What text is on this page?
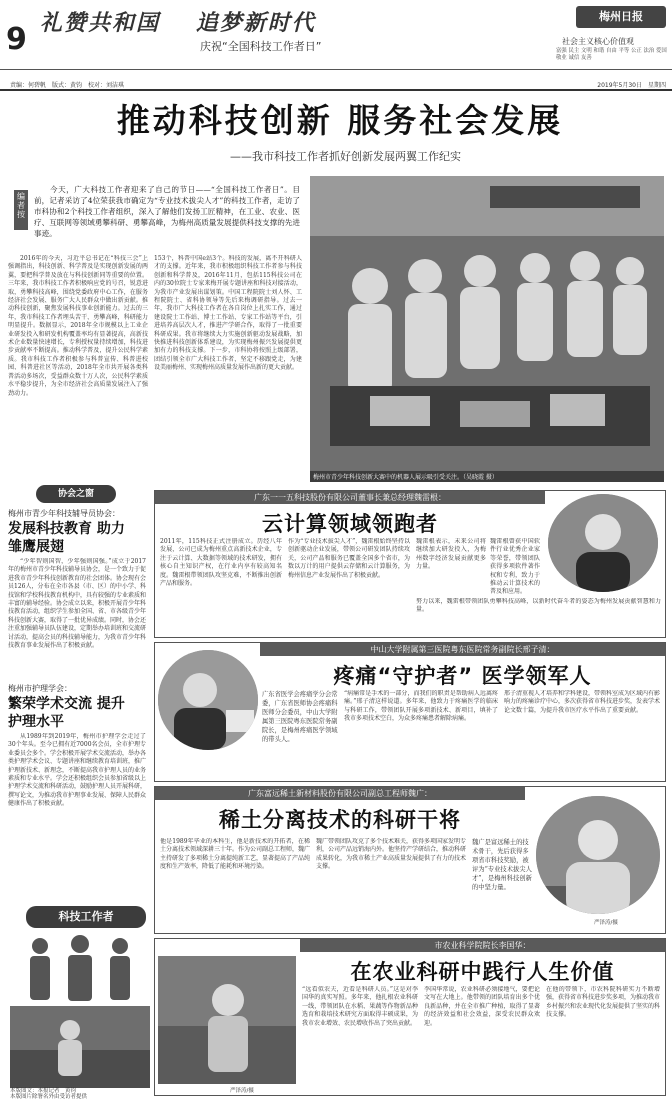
9 礼赞共和国 追梦新时代
庆祝“全国科技工作者日”
梅州日报
社会主义核心价值观
富强 民主 文明 和谐 自由 平等 公正 法治 爱国 敬业 诚信 友善
责编：何碧帆　版式：黄钧　校对：刘洁琪	2019年5月30日　星期四
推动科技创新 服务社会发展
——我市科技工作者抓好创新发展两翼工作纪实
编者按
今天，广大科技工作者迎来了自己的节日——“全国科技工作者日”。目前，记者采访了4位荣获我市确定为“专业技术拔尖人才”的科技工作者，走访了市科协和2个科技工作者组织，深入了解他们发扬工匠精神，在工业、农业、医疗、互联网等领域勇攀科研、勇攀高峰，为梅州高质量发展提供科技支撑的先进事迹。
2016年的今天，习近平总书记在“科技三会”上强调指出，科技创新、科学普及是实现创新发展的两翼，要把科学普及放在与科技创新同等重要的位置。三年来，我市科技工作者积极响应党的号召，锐意进取，勇攀科技高峰，围绕党委政府中心工作，在服务经济社会发展、服务广大人民群众中做出新贡献。推动科技创新，聚焦发展科技事业创新能力。过去的三年，我市科技工作者埋头苦干、勇攀高峰，科研能力明显提升。数据显示，2018年全市规模以上工业企业研发投入和研发机构覆盖率均有显著提高，高新技术企业数量快速增长，专利授权量持续增加，科技进步贡献率不断提高。推动科学普及，提升公民科学素质。我市科技工作者积极参与科普宣传、科普进校园、科普进社区等活动，2018年全市共开展各类科普活动多场次，受益群众数十万人次，公民科学素质水平稳步提升，为全市经济社会高质量发展注入了强劲动力。
153个，科普中国e站3个。科技的发展，离不开科研人才的支撑。近年来，我市积极组织科技工作者参与科技创新和科学普及，2016年11月，包括115科技公司在内的30位院士专家来梅开展专题讲座和科技对接活动，为我市产业发展出谋划策。中国工程院院士刘人怀、工程院院士、省科协领导等先后来梅调研指导。过去一年，我市广大科技工作者在各自岗位上扎实工作，通过建设院士工作站、博士工作站、专家工作站等平台，引进培养高层次人才，推进产学研合作，取得了一批重要科研成果。我市将继续大力实施创新驱动发展战略，加快推进科技创新体系建设，为实现梅州振兴发展提供更加有力的科技支撑。下一步，市科协将按照上级部署，团结引领全市广大科技工作者，坚定不移跟党走，为建设美丽梅州、实现梅州高质量发展作出新的更大贡献。
梅州市青少年科技创新大赛中的机器人展示吸引受关注。（吴晓霞 摄）
协会之窗
梅州市青少年科技辅导员协会：
发展科技教育 助力雏鹰展翅
“少年智则国智，少年强则国强。”成立于2017年的梅州市青少年科技辅导员协会，是一个致力于促进我市青少年科技创新教育的社会团体。协会现有会员126人，分布在全市各县（市、区）的中小学、科技馆和学校科技教育机构中，具有较强的专业素质和丰富的辅导经验。协会成立以来，积极开展青少年科技教育活动，组织学生参加全国、省、市各级青少年科技创新大赛，取得了一批优异成绩。同时，协会还注重加强辅导员队伍建设，定期举办培训班和交流研讨活动，提高会员的科技辅导能力，为我市青少年科技教育事业发展作出了积极贡献。
梅州市护理学会：
繁荣学术交流 提升护理水平
从1989年到2019年，梅州市护理学会走过了30个年头。至今已拥有近7000名会员，全市护理专业委员会多个。学会积极开展学术交流活动，举办各类护理学术会议、专题讲座和继续教育培训班，推广护理新技术、新理念，不断提高我市护理人员的业务素质和专业水平。学会还积极组织会员参加省级以上护理学术交流和科研活动，鼓励护理人员开展科研，撰写论文，为推动我市护理事业发展、保障人民群众健康作出了积极贡献。
广东一一五科技股份有限公司董事长兼总经理魏雷根：
云计算领域领跑者
2011年，115科技正式注册成立。历经八年发展，公司已成为梅州重点高新技术企业，专注于云计算、大数据等领域的技术研发，拥有核心自主知识产权，在行业内享有较高知名度。魏雷根带领团队攻坚克难，不断推出创新产品和服务。
作为“专业技术拔尖人才”，魏雷根始终坚持以创新驱动企业发展，带领公司研发团队持续攻关，公司产品和服务已覆盖全国多个省市，为数以万计的用户提供云存储和云计算服务，为梅州信息产业发展作出了积极贡献。
魏雷根表示，未来公司将继续加大研发投入，为梅州数字经济发展贡献更多力量。
魏雷根曾获中国软件行业优秀企业家等荣誉，带领团队获得多项软件著作权和专利，致力于推动云计算技术的普及和应用。
努力以来，魏雷根带领团队勇攀科技高峰，以新时代奋斗者的姿态为梅州发展贡献智慧和力量。
中山大学附属第三医院粤东医院常务副院长邢子清：
疼痛“守护者” 医学领军人
广东省医学会疼痛学分会常委，广东省医师协会疼痛科医师分会委员，中山大学附属第三医院粤东医院常务副院长，是梅州疼痛医学领域的带头人。
“病痛常是手术的一部分，而我们的职责是帮助病人远离疼痛。”邢子清这样说道。多年来，他致力于疼痛医学的临床与科研工作，带领团队开展多项新技术、新项目，填补了我市多项技术空白，为众多疼痛患者解除病痛。
邢子清重视人才培养和学科建设，带领科室成为区域内有影响力的疼痛诊疗中心，多次获得省市科技进步奖，发表学术论文数十篇，为提升我市医疗水平作出了重要贡献。
广东富远稀土新材料股份有限公司副总工程师魏广：
稀土分离技术的科研干将
他是1989年毕业的本科生，他是新技术的开拓者，在稀土分离技术领域深耕三十年。作为公司副总工程师，魏广主持研发了多项稀土分离提纯新工艺，显著提高了产品纯度和生产效率，降低了能耗和环境污染。
魏广带领团队攻克了多个技术难关，获得多项国家发明专利，公司产品远销海内外。他坚持产学研结合，推动科研成果转化，为我市稀土产业高质量发展提供了有力的技术支撑。
魏广是富远稀土的技术骨干，先后获得多项省市科技奖励，被评为“专业技术拔尖人才”，是梅州科技创新的中坚力量。
严泽涛/摄
科技工作者
市农业科学院院长李国华：
在农业科研中践行人生价值
本版图文：本报记者　黄钧
本版图片除署名外由受访者提供
严泽涛/摄
“远看似农夫，近看是科研人员。”这是对李国华的真实写照。多年来，他扎根农业科研一线，带领团队在水稻、果蔬等作物新品种选育和栽培技术研究方面取得丰硕成果，为我市农业增效、农民增收作出了突出贡献。
李国华常说，农业科研必须接地气，要把论文写在大地上。他带领的团队培育出多个优良新品种，并在全市推广种植，取得了显著的经济效益和社会效益，深受农民群众欢迎。
在他的带领下，市农科院科研实力不断增强，获得省市科技进步奖多项，为推动我市乡村振兴和农业现代化发展提供了坚实的科技支撑。
